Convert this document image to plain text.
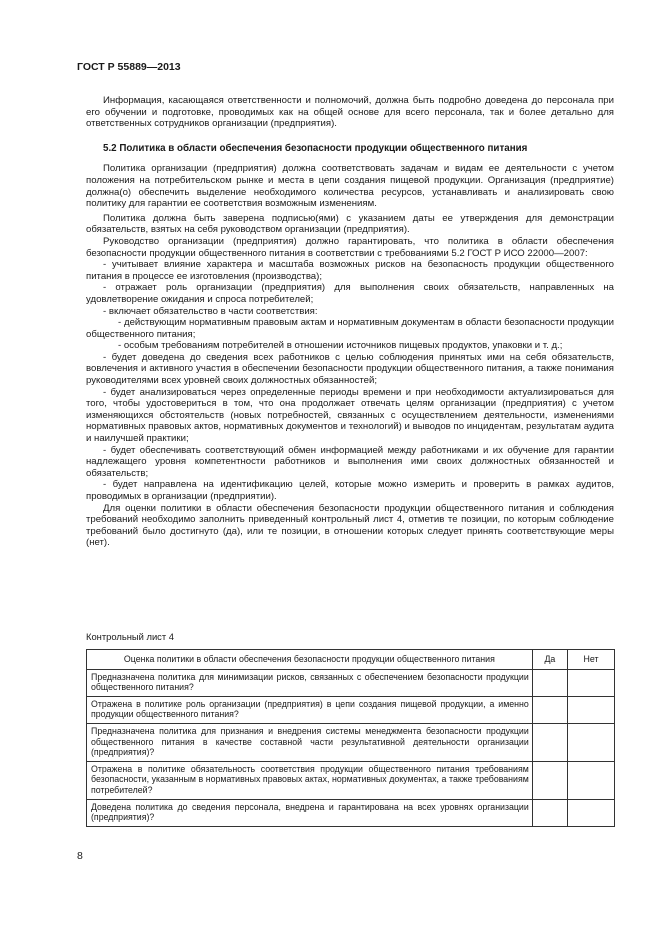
ГОСТ Р 55889—2013

Информация, касающаяся ответственности и полномочий, должна быть подробно доведена до персонала при его обучении и подготовке, проводимых как на общей основе для всего персонала, так и более детально для ответственных сотрудников организации (предприятия).

5.2 Политика в области обеспечения безопасности продукции общественного питания

Политика организации (предприятия) должна соответствовать задачам и видам ее деятельности с учетом положения на потребительском рынке и места в цепи создания пищевой продукции. Организация (предприятие) должна(о) обеспечить выделение необходимого количества ресурсов, устанавливать и анализировать свою политику для гарантии ее соответствия возможным изменениям.

Политика должна быть заверена подписью(ями) с указанием даты ее утверждения для демонстрации обязательств, взятых на себя руководством организации (предприятия).

Руководство организации (предприятия) должно гарантировать, что политика в области обеспечения безопасности продукции общественного питания в соответствии с требованиями 5.2 ГОСТ Р ИСО 22000—2007:

- учитывает влияние характера и масштаба возможных рисков на безопасность продукции общественного питания в процессе ее изготовления (производства);

- отражает роль организации (предприятия) для выполнения своих обязательств, направленных на удовлетворение ожидания и спроса потребителей;

- включает обязательство в части соответствия:

- действующим нормативным правовым актам и нормативным документам в области безопасности продукции общественного питания;

- особым требованиям потребителей в отношении источников пищевых продуктов, упаковки и т. д.;

- будет доведена до сведения всех работников с целью соблюдения принятых ими на себя обязательств, вовлечения и активного участия в обеспечении безопасности продукции общественного питания, а также понимания руководителями всех уровней своих должностных обязанностей;

- будет анализироваться через определенные периоды времени и при необходимости актуализироваться для того, чтобы удостовериться в том, что она продолжает отвечать целям организации (предприятия) с учетом изменяющихся обстоятельств (новых потребностей, связанных с осуществлением деятельности, изменениями нормативных правовых актов, нормативных документов и технологий) и выводов по инцидентам, результатам аудита и наилучшей практики;

- будет обеспечивать соответствующий обмен информацией между работниками и их обучение для гарантии надлежащего уровня компетентности работников и выполнения ими своих должностных обязанностей и обязательств;

- будет направлена на идентификацию целей, которые можно измерить и проверить в рамках аудитов, проводимых в организации (предприятии).

Для оценки политики в области обеспечения безопасности продукции общественного питания и соблюдения требований необходимо заполнить приведенный контрольный лист 4, отметив те позиции, по которым соблюдение требований было достигнуто (да), или те позиции, в отношении которых следует принять соответствующие меры (нет).

Контрольный лист 4
Оценка политики в области обеспечения безопасности продукции общественного питания	Да	Нет
Предназначена политика для минимизации рисков, связанных с обеспечением безопасности продукции общественного питания?		
Отражена в политике роль организации (предприятия) в цепи создания пищевой продукции, а именно продукции общественного питания?		
Предназначена политика для признания и внедрения системы менеджмента безопасности продукции общественного питания в качестве составной части результативной деятельности организации (предприятия)?		
Отражена в политике обязательность соответствия продукции общественного питания требованиям безопасности, указанным в нормативных правовых актах, нормативных документах, а также требованиям потребителей?		
Доведена политика до сведения персонала, внедрена и гарантирована на всех уровнях организации (предприятия)?		
8
